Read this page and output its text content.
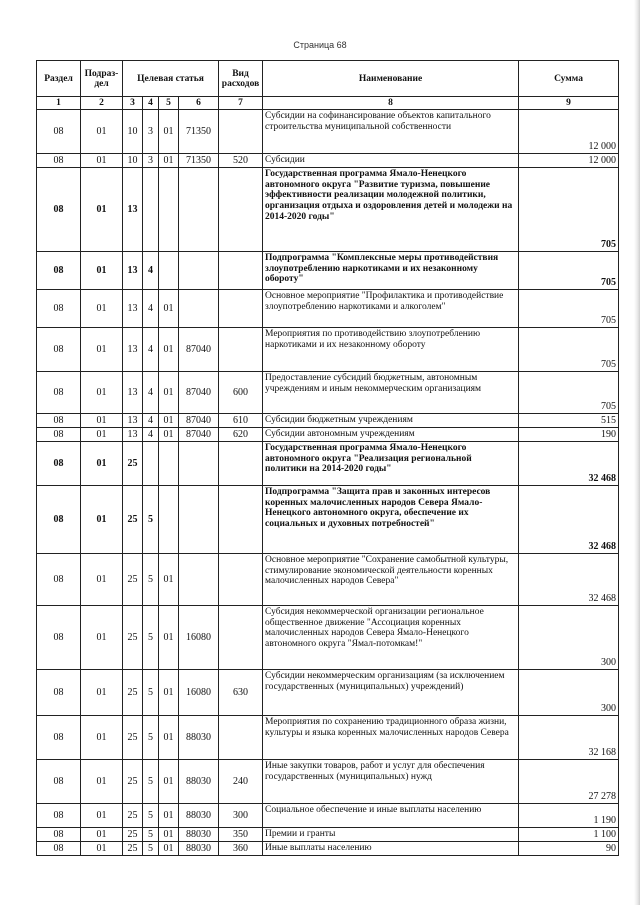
Страница 68
Раздел	Подраз-дел	Целевая статья				Вид расходов	Наименование	Сумма
1	2	3	4	5	6	7	8	9
08	01	10	3	01	71350		Субсидии на софинансирование объектов капитального строительства муниципальной собственности	12 000
08	01	10	3	01	71350	520	Субсидии	12 000
08	01	13					Государственная программа Ямало-Ненецкого автономного округа "Развитие туризма, повышение эффективности реализации молодежной политики, организация отдыха и оздоровления детей и молодежи на 2014-2020 годы"	705
08	01	13	4				Подпрограмма "Комплексные меры противодействия злоупотреблению наркотиками и их незаконному обороту"	705
08	01	13	4	01			Основное мероприятие "Профилактика и противодействие злоупотреблению наркотиками и алкоголем"	705
08	01	13	4	01	87040		Мероприятия по противодействию злоупотреблению наркотиками и их незаконному обороту	705
08	01	13	4	01	87040	600	Предоставление субсидий бюджетным, автономным учреждениям и иным некоммерческим организациям	705
08	01	13	4	01	87040	610	Субсидии бюджетным учреждениям	515
08	01	13	4	01	87040	620	Субсидии автономным учреждениям	190
08	01	25					Государственная программа Ямало-Ненецкого автономного округа "Реализация региональной политики на 2014-2020 годы"	32 468
08	01	25	5				Подпрограмма "Защита прав и законных интересов коренных малочисленных народов Севера Ямало-Ненецкого автономного округа, обеспечение их социальных и духовных потребностей"	32 468
08	01	25	5	01			Основное мероприятие "Сохранение самобытной культуры, стимулирование экономической деятельности коренных малочисленных народов Севера"	32 468
08	01	25	5	01	16080		Субсидия некоммерческой организации региональное общественное движение "Ассоциация коренных малочисленных народов Севера Ямало-Ненецкого автономного округа "Ямал-потомкам!"	300
08	01	25	5	01	16080	630	Субсидии некоммерческим организациям (за исключением государственных (муниципальных) учреждений)	300
08	01	25	5	01	88030		Мероприятия по сохранению традиционного образа жизни, культуры и языка коренных малочисленных народов Севера	32 168
08	01	25	5	01	88030	240	Иные закупки товаров, работ и услуг для обеспечения государственных (муниципальных) нужд	27 278
08	01	25	5	01	88030	300	Социальное обеспечение и иные выплаты населению	1 190
08	01	25	5	01	88030	350	Премии и гранты	1 100
08	01	25	5	01	88030	360	Иные выплаты населению	90
